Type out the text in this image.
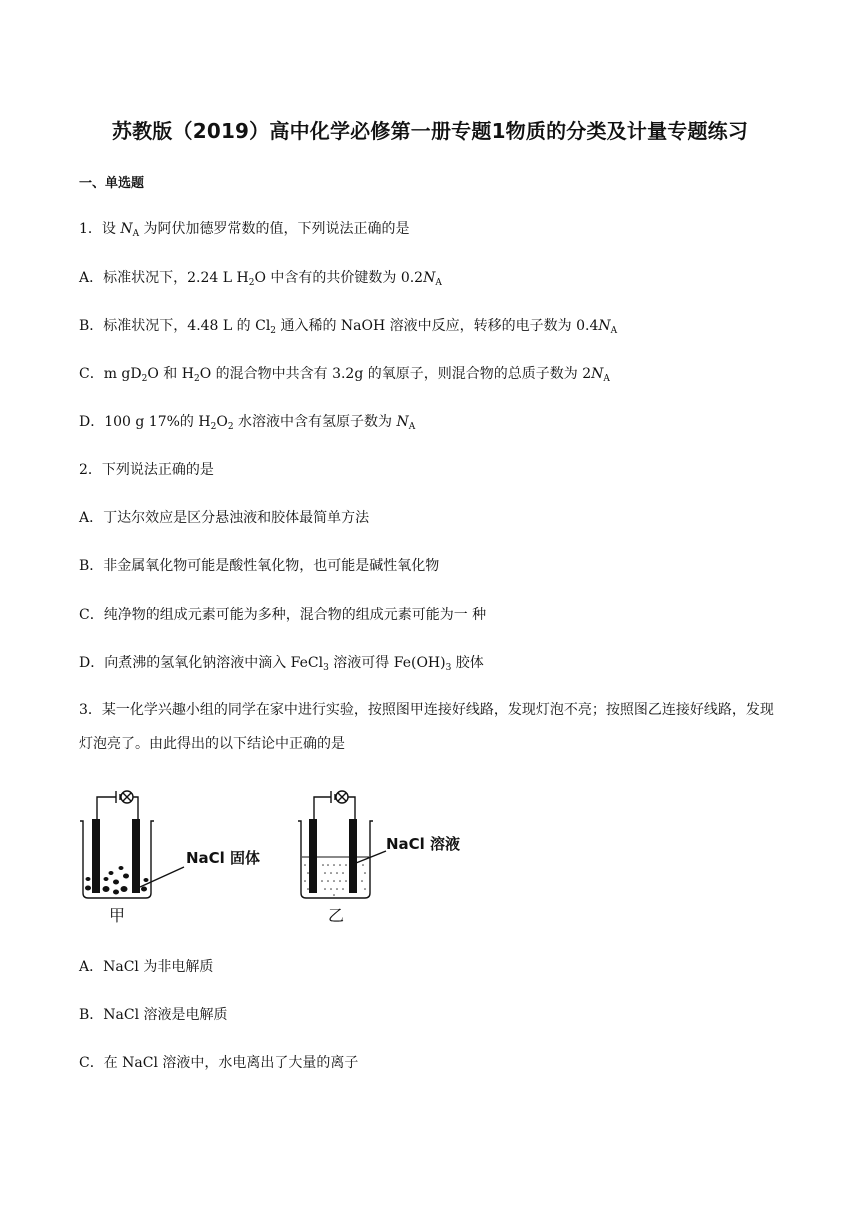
苏教版（2019）高中化学必修第一册专题1物质的分类及计量专题练习
一、单选题
1．设 $N_A$ 为阿伏加德罗常数的值，下列说法正确的是
A．标准状况下，2.24 L $H_2O$ 中含有的共价键数为 $0.2N_A$
B．标准状况下，4.48 L 的 $Cl_2$ 通入稀的 NaOH 溶液中反应，转移的电子数为 $0.4N_A$
C．m $gD_2O$ 和 $H_2O$ 的混合物中共含有 3.2g 的氧原子，则混合物的总质子数为 $2N_A$
D．100 g 17%的 $H_2O_2$ 水溶液中含有氢原子数为 $N_A$
2．下列说法正确的是
A．丁达尔效应是区分悬浊液和胶体最简单方法
B．非金属氧化物可能是酸性氧化物，也可能是碱性氧化物
C．纯净物的组成元素可能为多种，混合物的组成元素可能为一 种
D．向煮沸的氢氧化钠溶液中滴入 FeCl$_3$ 溶液可得 $Fe(OH)_3$ 胶体
3．某一化学兴趣小组的同学在家中进行实验，按照图甲连接好线路，发现灯泡不亮；按照图乙连接好线路，发现灯泡亮了。由此得出的以下结论中正确的是
NaCl 固体
NaCl 溶液
甲	乙
A．NaCl 为非电解质
B．NaCl 溶液是电解质
C．在 NaCl 溶液中，水电离出了大量的离子
